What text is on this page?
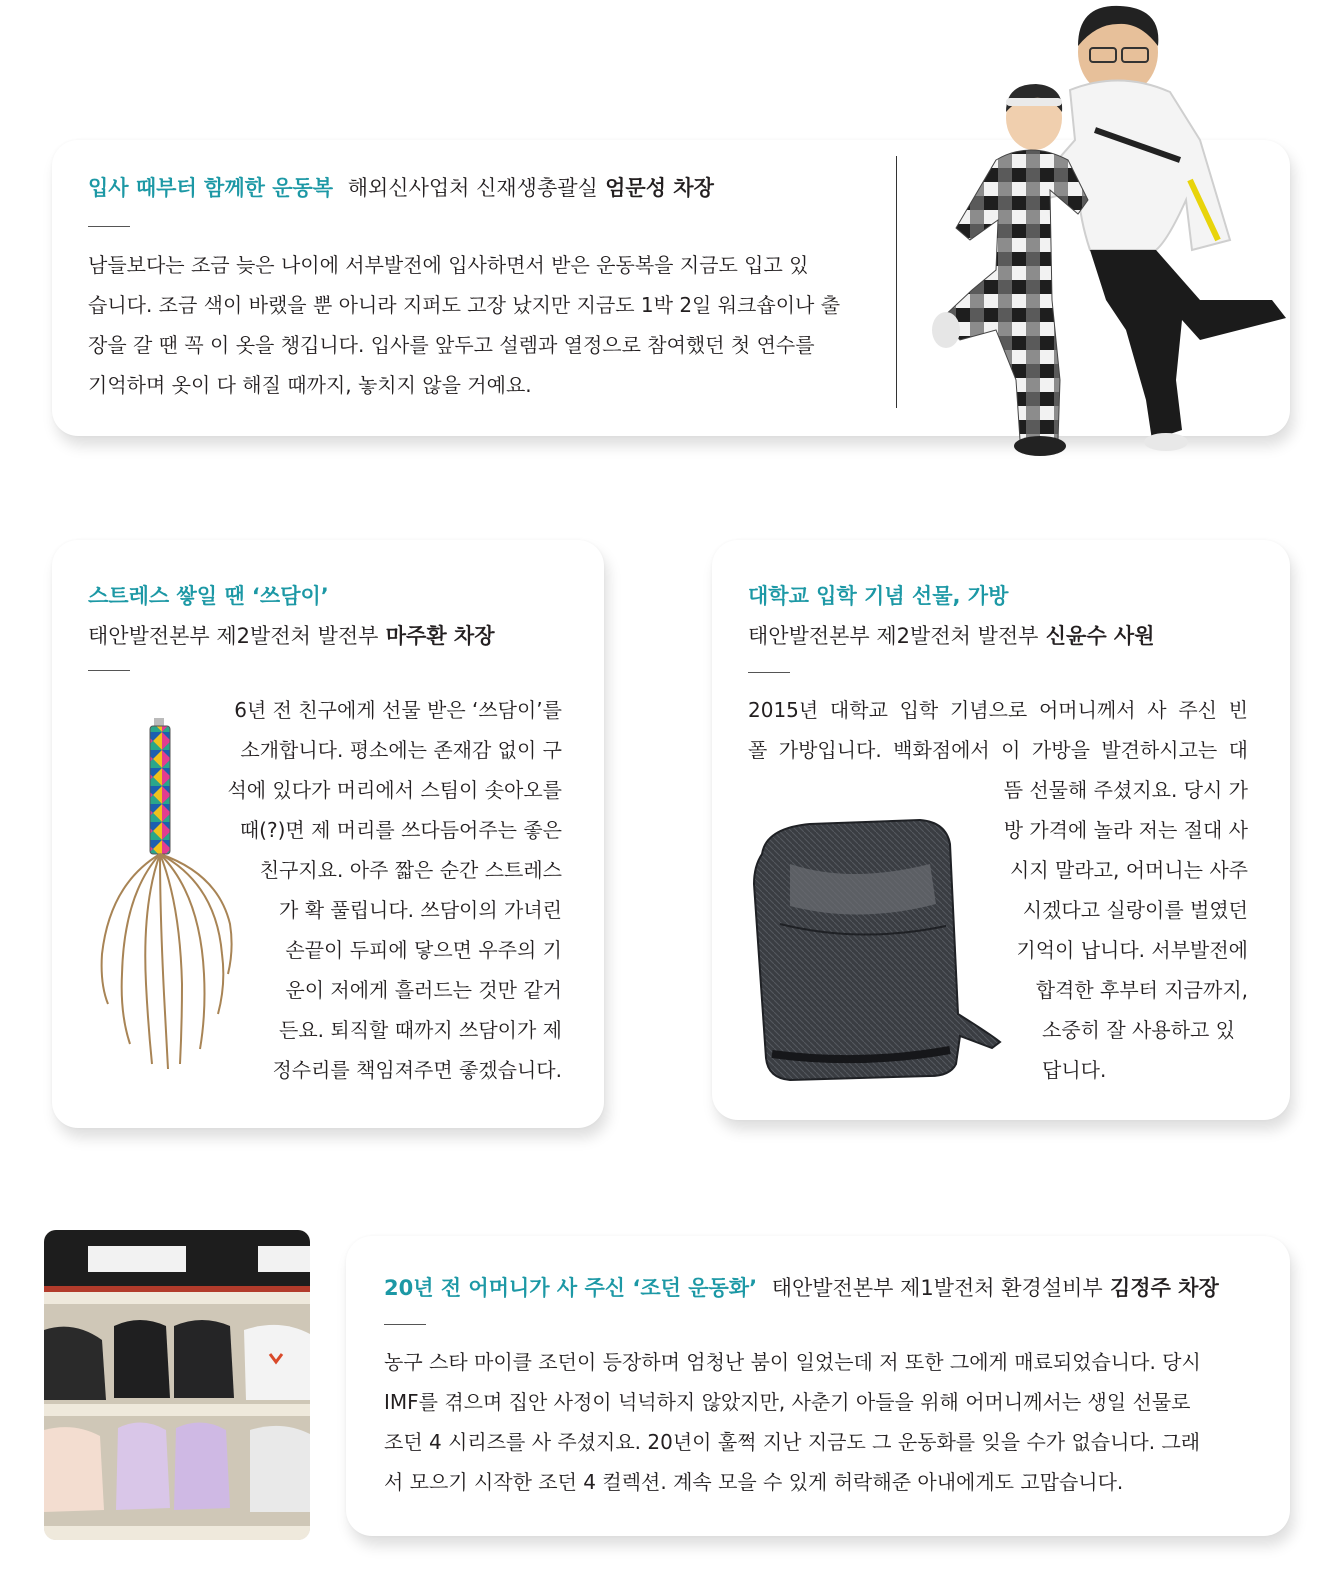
입사 때부터 함께한 운동복 해외신사업처 신재생총괄실 엄문성 차장
남들보다는 조금 늦은 나이에 서부발전에 입사하면서 받은 운동복을 지금도 입고 있
습니다. 조금 색이 바랬을 뿐 아니라 지퍼도 고장 났지만 지금도 1박 2일 워크숍이나 출
장을 갈 땐 꼭 이 옷을 챙깁니다. 입사를 앞두고 설렘과 열정으로 참여했던 첫 연수를
기억하며 옷이 다 해질 때까지, 놓치지 않을 거예요.
스트레스 쌓일 땐 ‘쓰담이’
태안발전본부 제2발전처 발전부 마주환 차장
6년 전 친구에게 선물 받은 ‘쓰담이’를
소개합니다. 평소에는 존재감 없이 구
석에 있다가 머리에서 스팀이 솟아오를
때(?)면 제 머리를 쓰다듬어주는 좋은
친구지요. 아주 짧은 순간 스트레스
가 확 풀립니다. 쓰담이의 가녀린
손끝이 두피에 닿으면 우주의 기
운이 저에게 흘러드는 것만 같거
든요. 퇴직할 때까지 쓰담이가 제
정수리를 책임져주면 좋겠습니다.
대학교 입학 기념 선물, 가방
태안발전본부 제2발전처 발전부 신윤수 사원
2015년 대학교 입학 기념으로 어머니께서 사 주신 빈
폴 가방입니다. 백화점에서 이 가방을 발견하시고는 대
뜸 선물해 주셨지요. 당시 가
방 가격에 놀라 저는 절대 사
시지 말라고, 어머니는 사주
시겠다고 실랑이를 벌였던
기억이 납니다. 서부발전에
합격한 후부터 지금까지,
소중히 잘 사용하고 있
답니다.
20년 전 어머니가 사 주신 ‘조던 운동화’ 태안발전본부 제1발전처 환경설비부 김정주 차장
농구 스타 마이클 조던이 등장하며 엄청난 붐이 일었는데 저 또한 그에게 매료되었습니다. 당시
IMF를 겪으며 집안 사정이 넉넉하지 않았지만, 사춘기 아들을 위해 어머니께서는 생일 선물로
조던 4 시리즈를 사 주셨지요. 20년이 훌쩍 지난 지금도 그 운동화를 잊을 수가 없습니다. 그래
서 모으기 시작한 조던 4 컬렉션. 계속 모을 수 있게 허락해준 아내에게도 고맙습니다.
